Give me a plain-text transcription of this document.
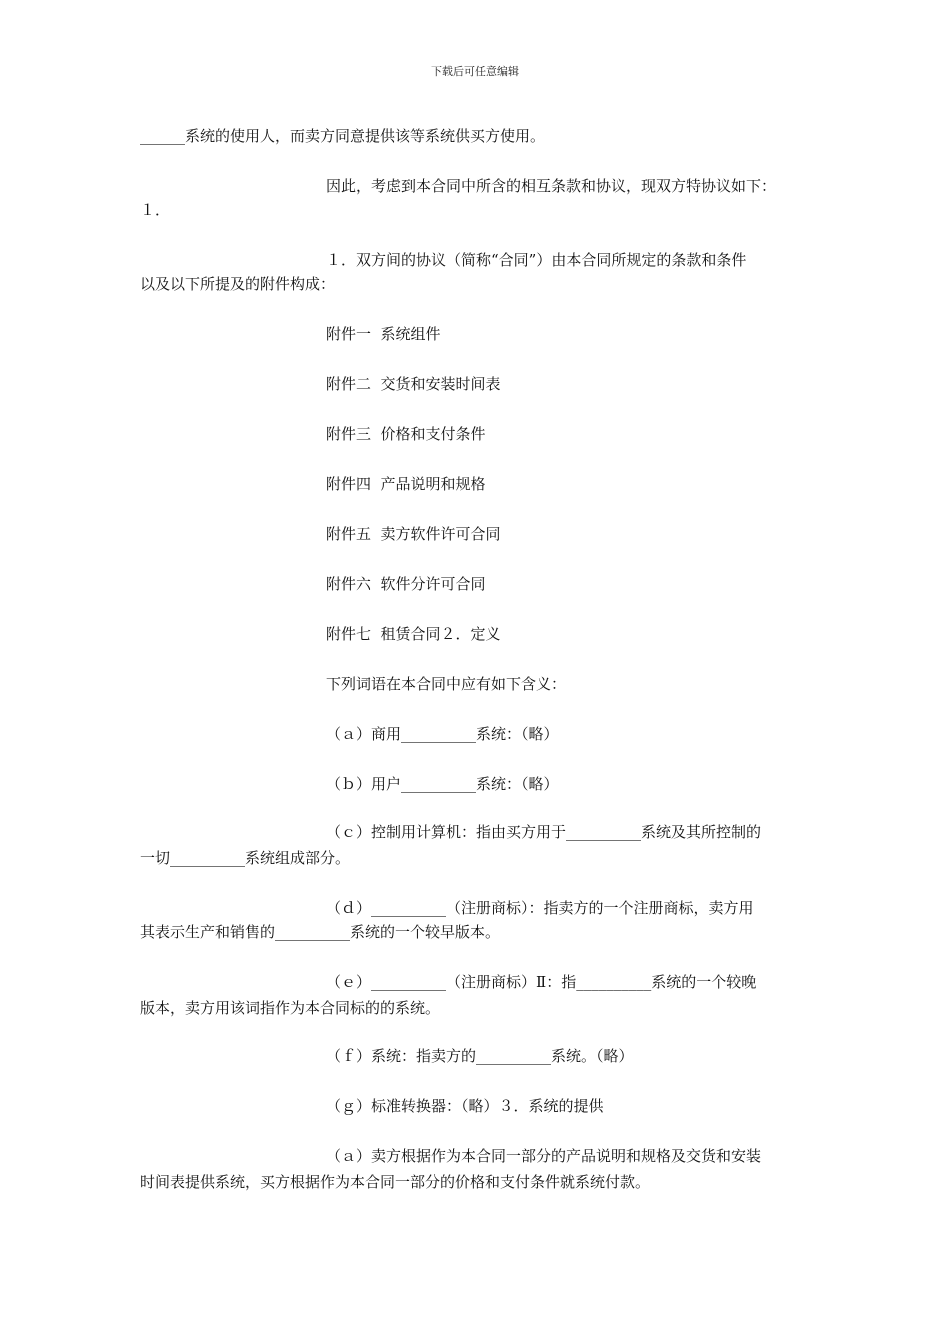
下载后可任意编辑

______系统的使用人，而卖方同意提供该等系统供买方使用。

因此，考虑到本合同中所含的相互条款和协议，现双方特协议如下：

１．

１．双方间的协议（简称“合同”）由本合同所规定的条款和条件

以及以下所提及的附件构成：

附件一  系统组件

附件二  交货和安装时间表

附件三  价格和支付条件

附件四  产品说明和规格

附件五  卖方软件许可合同

附件六  软件分许可合同

附件七  租赁合同２．定义

下列词语在本合同中应有如下含义：

（ａ）商用__________系统：（略）

（ｂ）用户__________系统：（略）

（ｃ）控制用计算机：指由买方用于__________系统及其所控制的

一切__________系统组成部分。

（ｄ）__________（注册商标）：指卖方的一个注册商标，卖方用

其表示生产和销售的__________系统的一个较早版本。

（ｅ）__________（注册商标）Ⅱ：指__________系统的一个较晚

版本，卖方用该词指作为本合同标的的系统。

（ｆ）系统：指卖方的__________系统。（略）

（ｇ）标准转换器：（略）３．系统的提供

（ａ）卖方根据作为本合同一部分的产品说明和规格及交货和安装

时间表提供系统，买方根据作为本合同一部分的价格和支付条件就系统付款。
